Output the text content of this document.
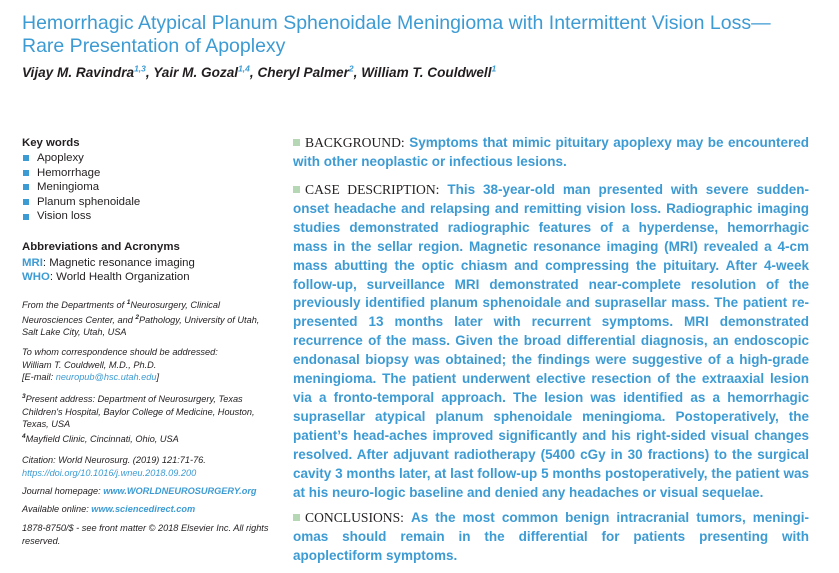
Hemorrhagic Atypical Planum Sphenoidale Meningioma with Intermittent Vision Loss—Rare Presentation of Apoplexy
Vijay M. Ravindra$^{1,3}$, Yair M. Gozal$^{1,4}$, Cheryl Palmer$^2$, William T. Couldwell$^1$
Key words
Apoplexy
Hemorrhage
Meningioma
Planum sphenoidale
Vision loss
Abbreviations and Acronyms
MRI: Magnetic resonance imaging
WHO: World Health Organization
From the Departments of $^1$Neurosurgery, Clinical Neurosciences Center, and $^2$Pathology, University of Utah, Salt Lake City, Utah, USA
To whom correspondence should be addressed:
William T. Couldwell, M.D., Ph.D.
[E-mail: neuropub@hsc.utah.edu]
$^3$Present address: Department of Neurosurgery, Texas Children's Hospital, Baylor College of Medicine, Houston, Texas, USA
$^4$Mayfield Clinic, Cincinnati, Ohio, USA
Citation: World Neurosurg. (2019) 121:71-76.
https://doi.org/10.1016/j.wneu.2018.09.200
Journal homepage: www.WORLDNEUROSURGERY.org
Available online: www.sciencedirect.com
1878-8750/$ - see front matter © 2018 Elsevier Inc. All rights reserved.
BACKGROUND: Symptoms that mimic pituitary apoplexy may be encountered with other neoplastic or infectious lesions.
CASE DESCRIPTION: This 38-year-old man presented with severe sudden-onset headache and relapsing and remitting vision loss. Radiographic imaging studies demonstrated radiographic features of a hyperdense, hemorrhagic mass in the sellar region. Magnetic resonance imaging (MRI) revealed a 4-cm mass abutting the optic chiasm and compressing the pituitary. After 4-week follow-up, surveillance MRI demonstrated near-complete resolution of the previously identified planum sphenoidale and suprasellar mass. The patient re-presented 13 months later with recurrent symptoms. MRI demonstrated recurrence of the mass. Given the broad differential diagnosis, an endoscopic endonasal biopsy was obtained; the findings were suggestive of a high-grade meningioma. The patient underwent elective resection of the extraaxial lesion via a fronto-temporal approach. The lesion was identified as a hemorrhagic suprasellar atypical planum sphenoidale meningioma. Postoperatively, the patient’s head-aches improved significantly and his right-sided visual changes resolved. After adjuvant radiotherapy (5400 cGy in 30 fractions) to the surgical cavity 3 months later, at last follow-up 5 months postoperatively, the patient was at his neuro-logic baseline and denied any headaches or visual sequelae.
CONCLUSIONS: As the most common benign intracranial tumors, meningi-omas should remain in the differential for patients presenting with apoplectiform symptoms.
